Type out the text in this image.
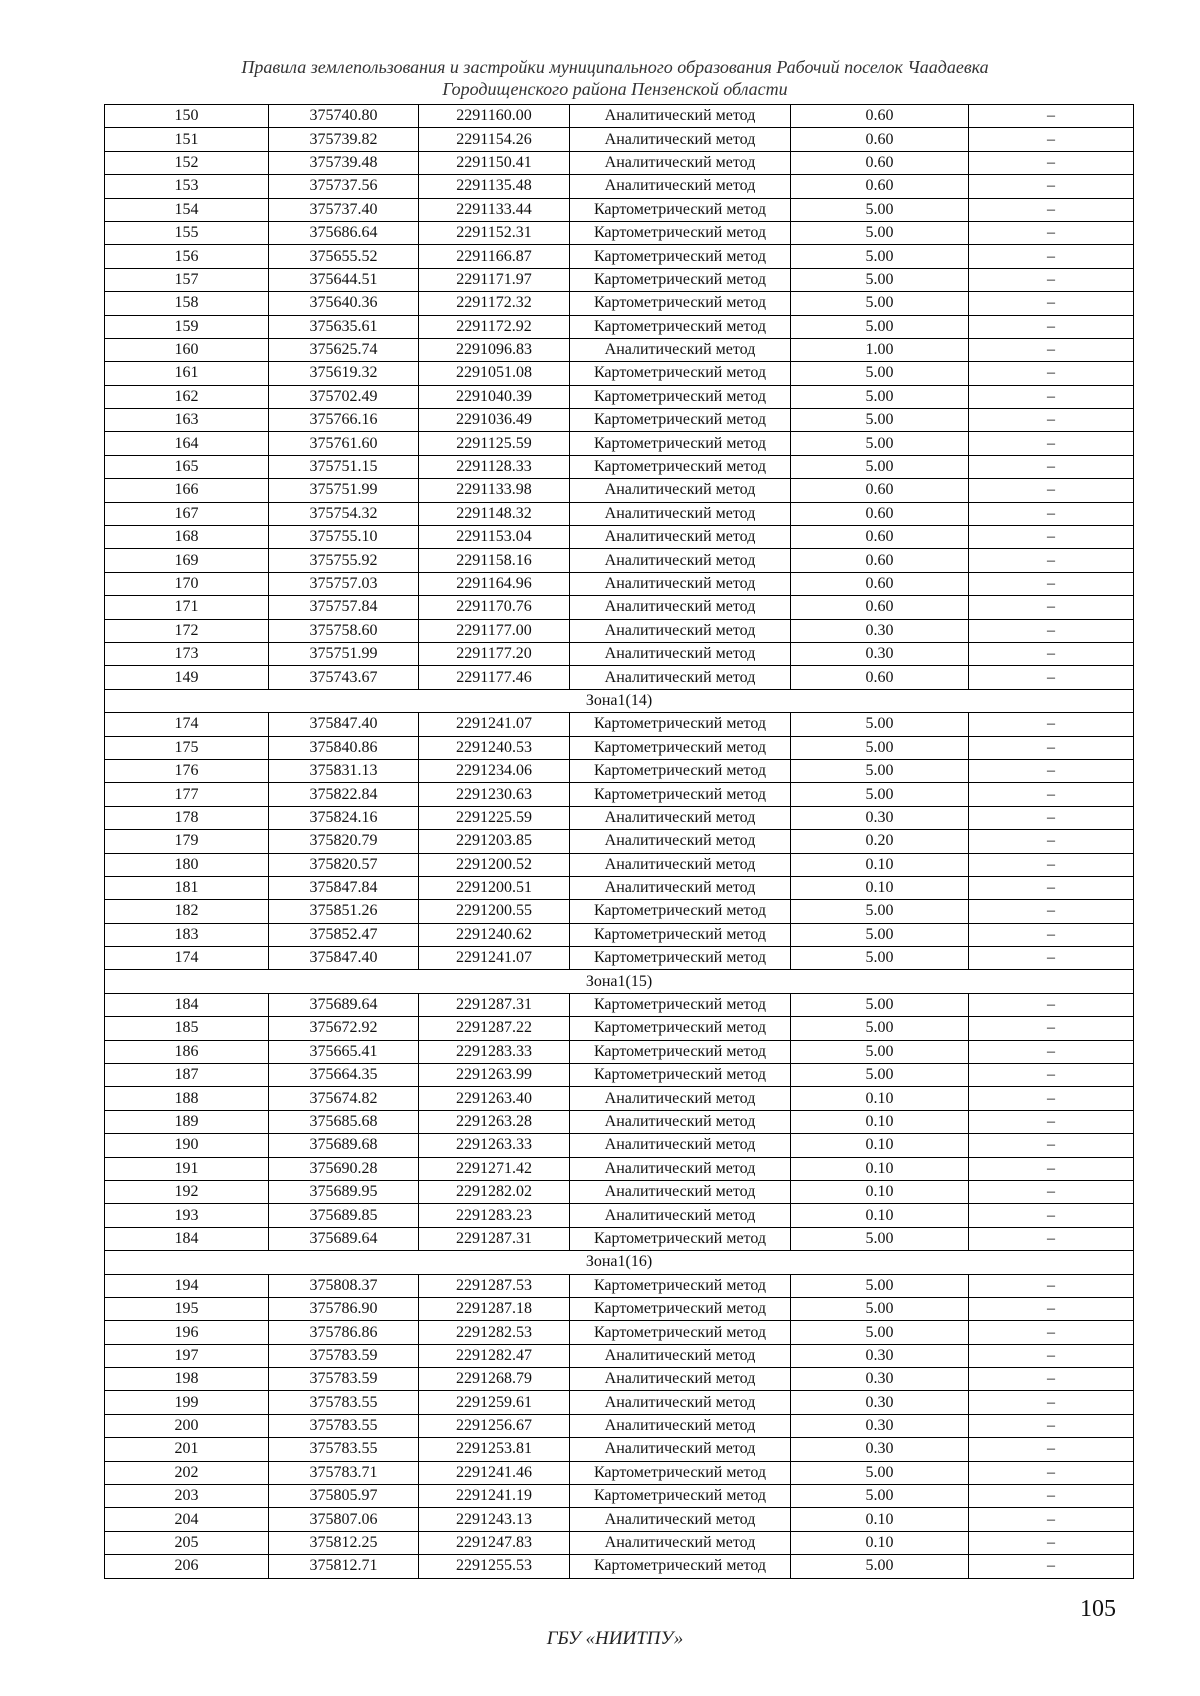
Правила землепользования и застройки муниципального образования Рабочий поселок Чаадаевка
Городищенского района Пензенской области
150	375740.80	2291160.00	Аналитический метод	0.60	–
151	375739.82	2291154.26	Аналитический метод	0.60	–
152	375739.48	2291150.41	Аналитический метод	0.60	–
153	375737.56	2291135.48	Аналитический метод	0.60	–
154	375737.40	2291133.44	Картометрический метод	5.00	–
155	375686.64	2291152.31	Картометрический метод	5.00	–
156	375655.52	2291166.87	Картометрический метод	5.00	–
157	375644.51	2291171.97	Картометрический метод	5.00	–
158	375640.36	2291172.32	Картометрический метод	5.00	–
159	375635.61	2291172.92	Картометрический метод	5.00	–
160	375625.74	2291096.83	Аналитический метод	1.00	–
161	375619.32	2291051.08	Картометрический метод	5.00	–
162	375702.49	2291040.39	Картометрический метод	5.00	–
163	375766.16	2291036.49	Картометрический метод	5.00	–
164	375761.60	2291125.59	Картометрический метод	5.00	–
165	375751.15	2291128.33	Картометрический метод	5.00	–
166	375751.99	2291133.98	Аналитический метод	0.60	–
167	375754.32	2291148.32	Аналитический метод	0.60	–
168	375755.10	2291153.04	Аналитический метод	0.60	–
169	375755.92	2291158.16	Аналитический метод	0.60	–
170	375757.03	2291164.96	Аналитический метод	0.60	–
171	375757.84	2291170.76	Аналитический метод	0.60	–
172	375758.60	2291177.00	Аналитический метод	0.30	–
173	375751.99	2291177.20	Аналитический метод	0.30	–
149	375743.67	2291177.46	Аналитический метод	0.60	–
Зона1(14)					
174	375847.40	2291241.07	Картометрический метод	5.00	–
175	375840.86	2291240.53	Картометрический метод	5.00	–
176	375831.13	2291234.06	Картометрический метод	5.00	–
177	375822.84	2291230.63	Картометрический метод	5.00	–
178	375824.16	2291225.59	Аналитический метод	0.30	–
179	375820.79	2291203.85	Аналитический метод	0.20	–
180	375820.57	2291200.52	Аналитический метод	0.10	–
181	375847.84	2291200.51	Аналитический метод	0.10	–
182	375851.26	2291200.55	Картометрический метод	5.00	–
183	375852.47	2291240.62	Картометрический метод	5.00	–
174	375847.40	2291241.07	Картометрический метод	5.00	–
Зона1(15)					
184	375689.64	2291287.31	Картометрический метод	5.00	–
185	375672.92	2291287.22	Картометрический метод	5.00	–
186	375665.41	2291283.33	Картометрический метод	5.00	–
187	375664.35	2291263.99	Картометрический метод	5.00	–
188	375674.82	2291263.40	Аналитический метод	0.10	–
189	375685.68	2291263.28	Аналитический метод	0.10	–
190	375689.68	2291263.33	Аналитический метод	0.10	–
191	375690.28	2291271.42	Аналитический метод	0.10	–
192	375689.95	2291282.02	Аналитический метод	0.10	–
193	375689.85	2291283.23	Аналитический метод	0.10	–
184	375689.64	2291287.31	Картометрический метод	5.00	–
Зона1(16)					
194	375808.37	2291287.53	Картометрический метод	5.00	–
195	375786.90	2291287.18	Картометрический метод	5.00	–
196	375786.86	2291282.53	Картометрический метод	5.00	–
197	375783.59	2291282.47	Аналитический метод	0.30	–
198	375783.59	2291268.79	Аналитический метод	0.30	–
199	375783.55	2291259.61	Аналитический метод	0.30	–
200	375783.55	2291256.67	Аналитический метод	0.30	–
201	375783.55	2291253.81	Аналитический метод	0.30	–
202	375783.71	2291241.46	Картометрический метод	5.00	–
203	375805.97	2291241.19	Картометрический метод	5.00	–
204	375807.06	2291243.13	Аналитический метод	0.10	–
205	375812.25	2291247.83	Аналитический метод	0.10	–
206	375812.71	2291255.53	Картометрический метод	5.00	–
105
ГБУ «НИИТПУ»
